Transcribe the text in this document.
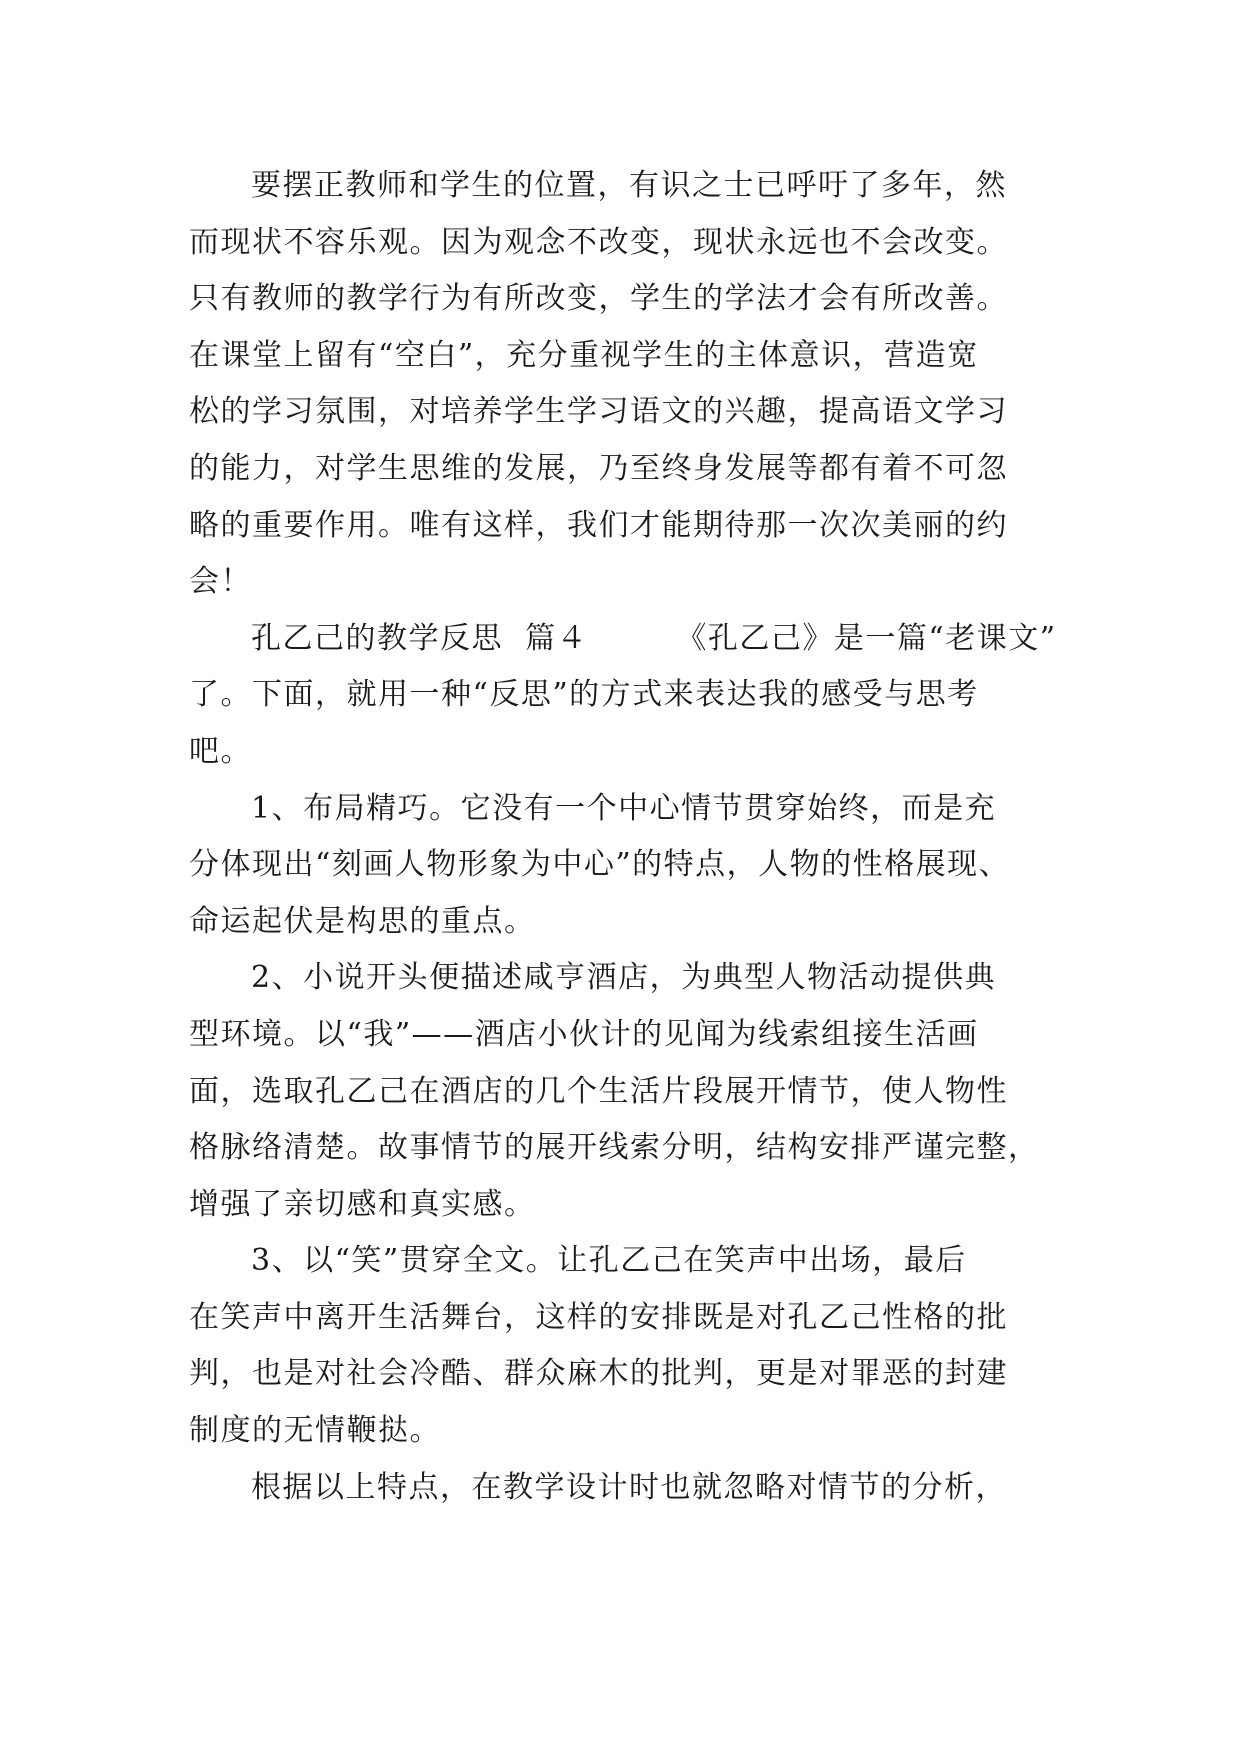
要摆正教师和学生的位置，有识之士已呼吁了多年，然
而现状不容乐观。因为观念不改变，现状永远也不会改变。
只有教师的教学行为有所改变，学生的学法才会有所改善。
在课堂上留有“空白”，充分重视学生的主体意识，营造宽
松的学习氛围，对培养学生学习语文的兴趣，提高语文学习
的能力，对学生思维的发展，乃至终身发展等都有着不可忽
略的重要作用。唯有这样，我们才能期待那一次次美丽的约
会！

孔乙己的教学反思  篇４        《孔乙己》是一篇“老课文”
了。下面，就用一种“反思”的方式来表达我的感受与思考
吧。

1、布局精巧。它没有一个中心情节贯穿始终，而是充
分体现出“刻画人物形象为中心”的特点，人物的性格展现、
命运起伏是构思的重点。

2、小说开头便描述咸亨酒店，为典型人物活动提供典
型环境。以“我”——酒店小伙计的见闻为线索组接生活画
面，选取孔乙己在酒店的几个生活片段展开情节，使人物性
格脉络清楚。故事情节的展开线索分明，结构安排严谨完整，
增强了亲切感和真实感。

3、以“笑”贯穿全文。让孔乙己在笑声中出场，最后
在笑声中离开生活舞台，这样的安排既是对孔乙己性格的批
判，也是对社会冷酷、群众麻木的批判，更是对罪恶的封建
制度的无情鞭挞。

根据以上特点，在教学设计时也就忽略对情节的分析，
